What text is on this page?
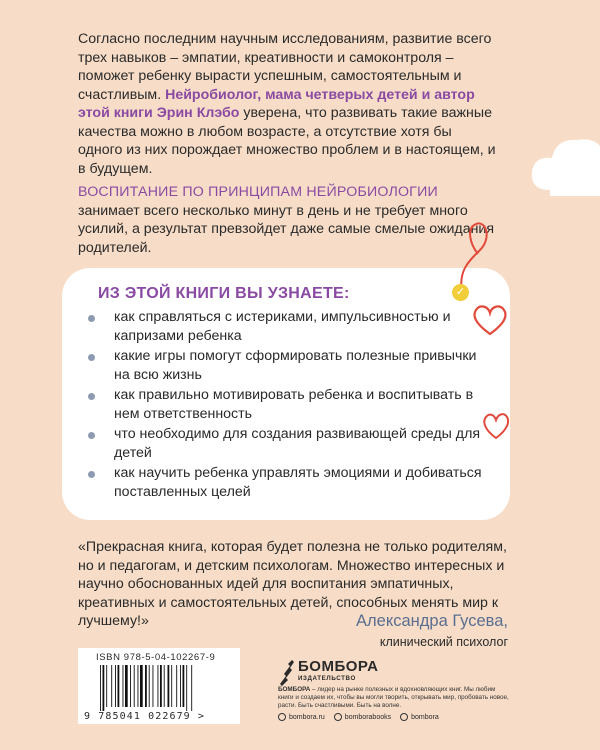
Согласно последним научным исследованиям, развитие всего трех навыков – эмпатии, креативности и самоконтроля – поможет ребенку вырасти успешным, самостоятельным и счастливым. Нейробиолог, мама четверых детей и автор этой книги Эрин Клэбо уверена, что развивать такие важные качества можно в любом возрасте, а отсутствие хотя бы одного из них порождает множество проблем и в настоящем, и в будущем.
ВОСПИТАНИЕ ПО ПРИНЦИПАМ НЕЙРОБИОЛОГИИ занимает всего несколько минут в день и не требует много усилий, а результат превзойдет даже самые смелые ожидания родителей.
✓
ИЗ ЭТОЙ КНИГИ ВЫ УЗНАЕТЕ:
как справляться с истериками, импульсивностью и капризами ребенка
какие игры помогут сформировать полезные привычки на всю жизнь
как правильно мотивировать ребенка и воспитывать в нем ответственность
что необходимо для создания развивающей среды для детей
как научить ребенка управлять эмоциями и добиваться поставленных целей
«Прекрасная книга, которая будет полезна не только родителям, но и педагогам, и детским психологам. Множество интересных и научно обоснованных идей для воспитания эмпатичных, креативных и самостоятельных детей, способных менять мир к лучшему!»	Александра Гусева,
клинический психолог
ISBN 978-5-04-102267-9
9 785041 022679 >
БОМБОРА
ИЗДАТЕЛЬСТВО
БОМБОРА – лидер на рынке полезных и вдохновляющих книг. Мы любим книги и создаем их, чтобы вы могли творить, открывать мир, пробовать новое, расти. Быть счастливыми. Быть на волне.
bombora.ru	bomborabooks	bombora
